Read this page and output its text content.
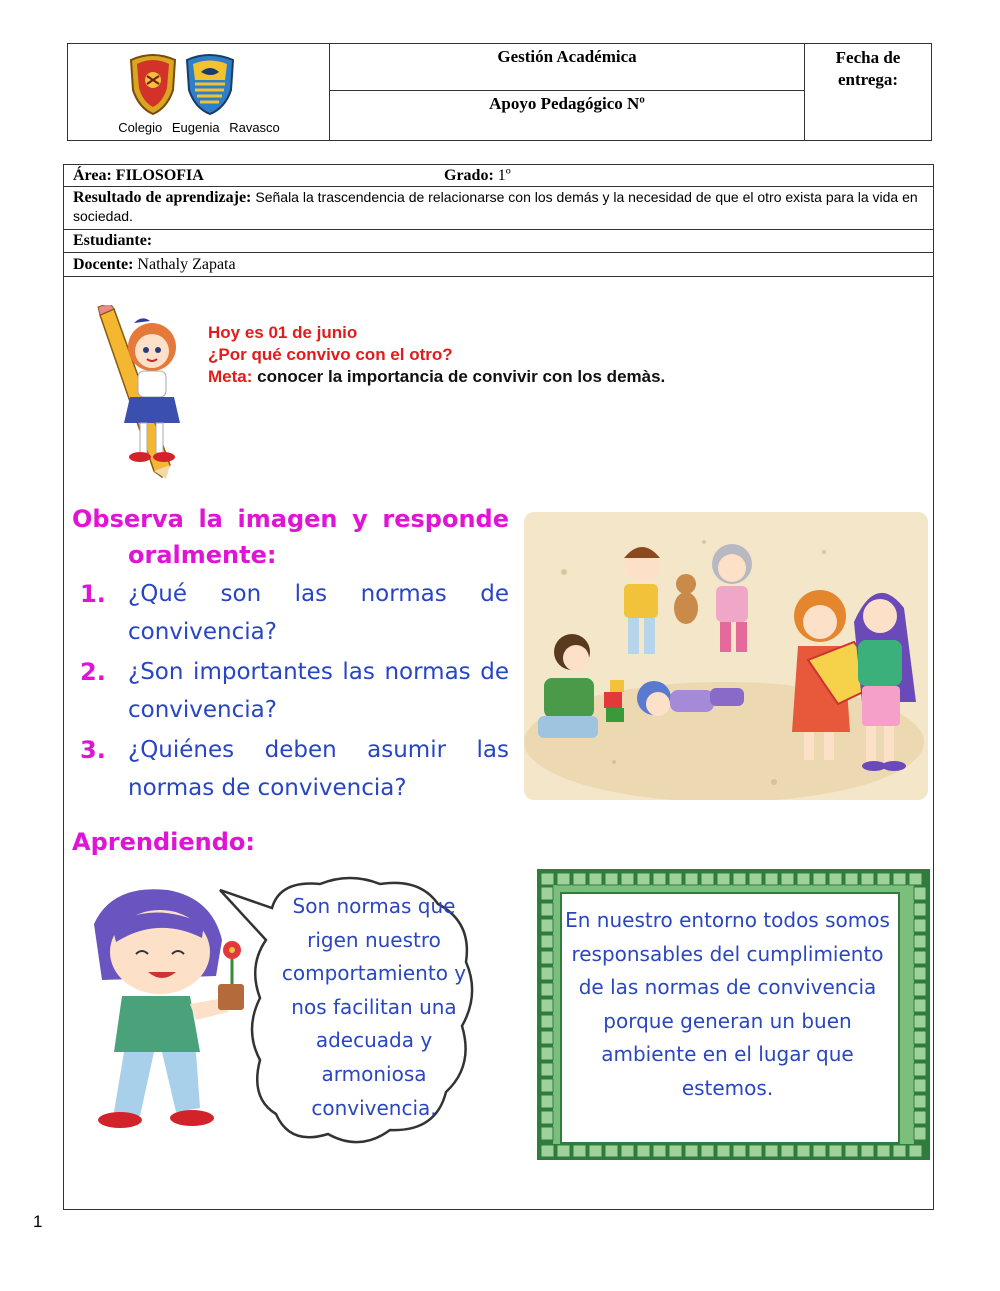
Colegio Eugenia Ravasco
Gestión Académica
Apoyo Pedagógico Nº
Fecha de entrega:
Área: FILOSOFIA	Grado: 1º
Resultado de aprendizaje: Señala la trascendencia de relacionarse con los demás y la necesidad de que el otro exista para la vida en sociedad.
Estudiante:
Docente: Nathaly Zapata
Hoy es 01 de junio
¿Por qué convivo con el otro?
Meta: conocer la importancia de convivir con los demàs.
Observa la imagen y responde
oralmente:
1. ¿Qué son las normas de convivencia?
2. ¿Son importantes las normas de convivencia?
3. ¿Quiénes deben asumir las normas de convivencia?
Aprendiendo:
Son normas que rigen nuestro comportamiento y nos facilitan una adecuada y armoniosa convivencia.
En nuestro entorno todos somos responsables del cumplimiento de las normas de convivencia porque generan un buen ambiente en el lugar que estemos.
1
